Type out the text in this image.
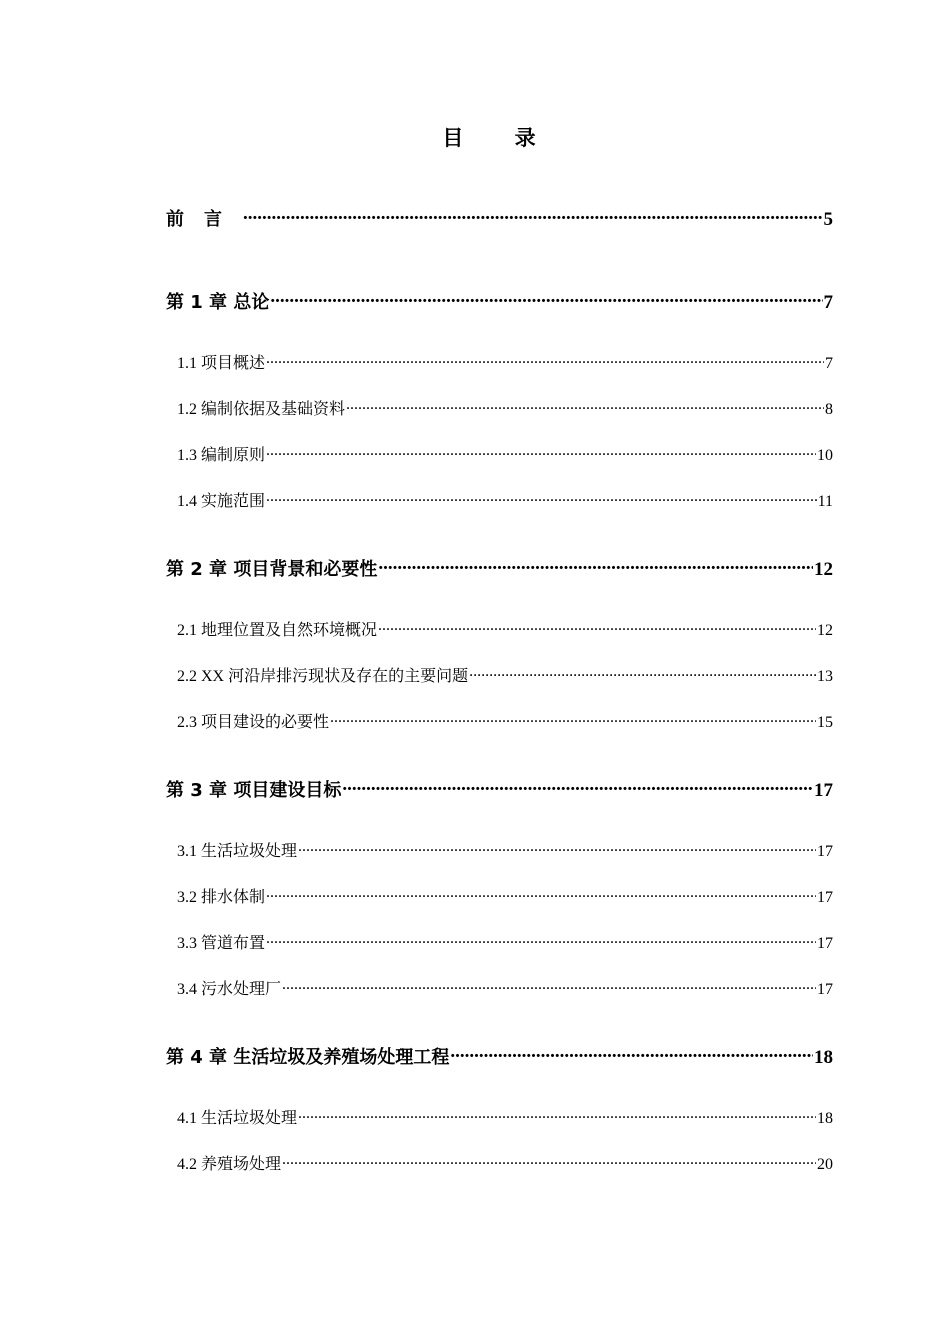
目 录
前言 .....	5
第 1 章 总论 .....	7
1.1 项目概述 .....	7
1.2 编制依据及基础资料 .....	8
1.3 编制原则 .....	10
1.4 实施范围 .....	11
第 2 章 项目背景和必要性 .....	12
2.1 地理位置及自然环境概况 .....	12
2.2 XX 河沿岸排污现状及存在的主要问题 .....	13
2.3 项目建设的必要性 .....	15
第 3 章 项目建设目标 .....	17
3.1 生活垃圾处理 .....	17
3.2 排水体制 .....	17
3.3 管道布置 .....	17
3.4 污水处理厂 .....	17
第 4 章 生活垃圾及养殖场处理工程 .....	18
4.1 生活垃圾处理 .....	18
4.2 养殖场处理 .....	20
